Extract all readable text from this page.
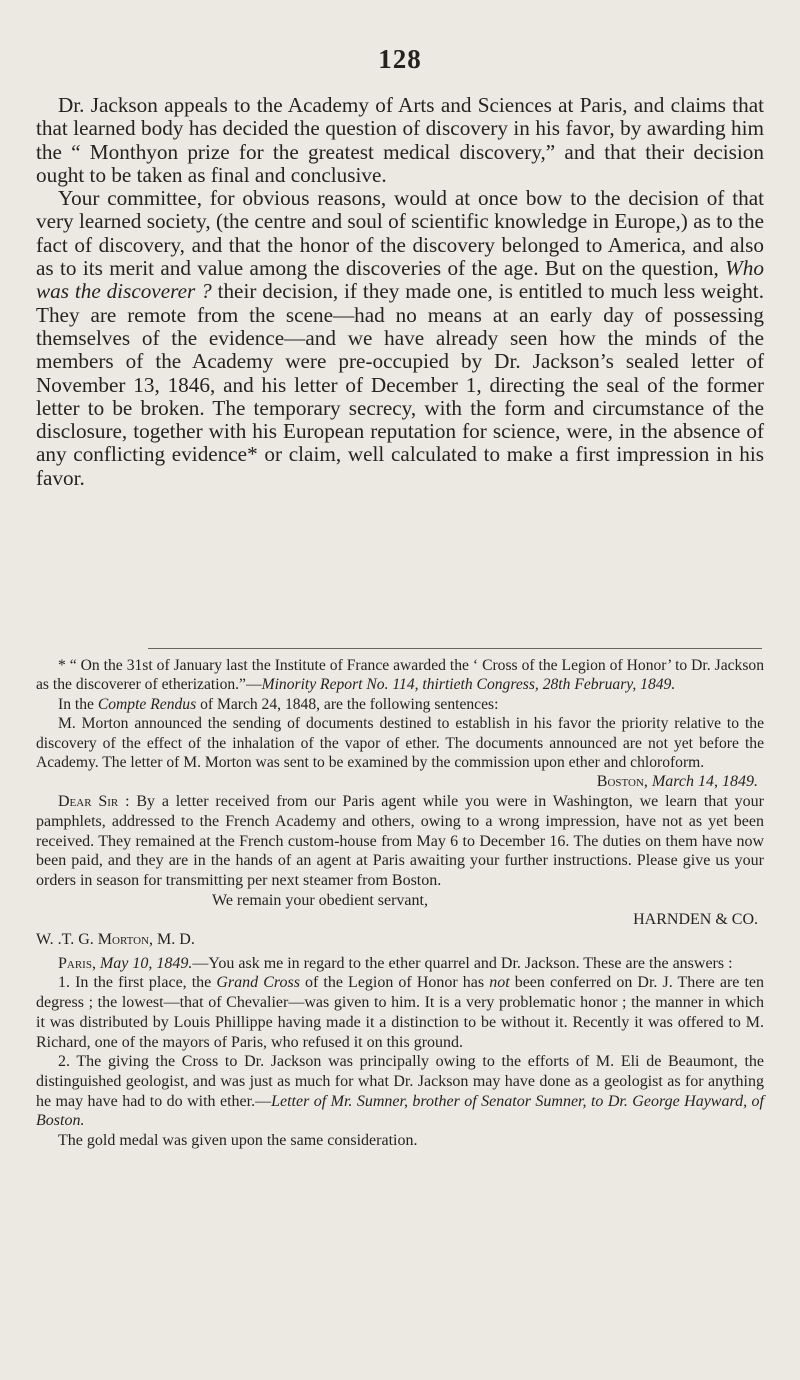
128

Dr. Jackson appeals to the Academy of Arts and Sciences at Paris, and claims that that learned body has decided the question of discovery in his favor, by awarding him the “ Monthyon prize for the greatest medical discovery,” and that their decision ought to be taken as final and conclusive.

Your committee, for obvious reasons, would at once bow to the decision of that very learned society, (the centre and soul of scientific knowledge in Europe,) as to the fact of discovery, and that the honor of the discovery belonged to America, and also as to its merit and value among the discoveries of the age. But on the question, Who was the discoverer ? their decision, if they made one, is entitled to much less weight. They are remote from the scene—had no means at an early day of possessing themselves of the evidence—and we have already seen how the minds of the members of the Academy were pre-occupied by Dr. Jackson’s sealed letter of November 13, 1846, and his letter of December 1, directing the seal of the former letter to be broken. The temporary secrecy, with the form and circumstance of the disclosure, together with his European reputation for science, were, in the absence of any conflicting evidence* or claim, well calculated to make a first impression in his favor.

* “ On the 31st of January last the Institute of France awarded the ‘ Cross of the Legion of Honor’ to Dr. Jackson as the discoverer of etherization.”—Minority Report No. 114, thirtieth Congress, 28th February, 1849.

In the Compte Rendus of March 24, 1848, are the following sentences:

M. Morton announced the sending of documents destined to establish in his favor the priority relative to the discovery of the effect of the inhalation of the vapor of ether. The documents announced are not yet before the Academy. The letter of M. Morton was sent to be examined by the commission upon ether and chloroform.

Boston, March 14, 1849.

Dear Sir : By a letter received from our Paris agent while you were in Washington, we learn that your pamphlets, addressed to the French Academy and others, owing to a wrong impression, have not as yet been received. They remained at the French custom-house from May 6 to December 16. The duties on them have now been paid, and they are in the hands of an agent at Paris awaiting your further instructions. Please give us your orders in season for transmitting per next steamer from Boston.

We remain your obedient servant,

HARNDEN & CO.

W. .T. G. Morton, M. D.

Paris, May 10, 1849.—You ask me in regard to the ether quarrel and Dr. Jackson. These are the answers :

1. In the first place, the Grand Cross of the Legion of Honor has not been conferred on Dr. J. There are ten degress ; the lowest—that of Chevalier—was given to him. It is a very problematic honor ; the manner in which it was distributed by Louis Phillippe having made it a distinction to be without it. Recently it was offered to M. Richard, one of the mayors of Paris, who refused it on this ground.

2. The giving the Cross to Dr. Jackson was principally owing to the efforts of M. Eli de Beaumont, the distinguished geologist, and was just as much for what Dr. Jackson may have done as a geologist as for anything he may have had to do with ether.—Letter of Mr. Sumner, brother of Senator Sumner, to Dr. George Hayward, of Boston.

The gold medal was given upon the same consideration.
